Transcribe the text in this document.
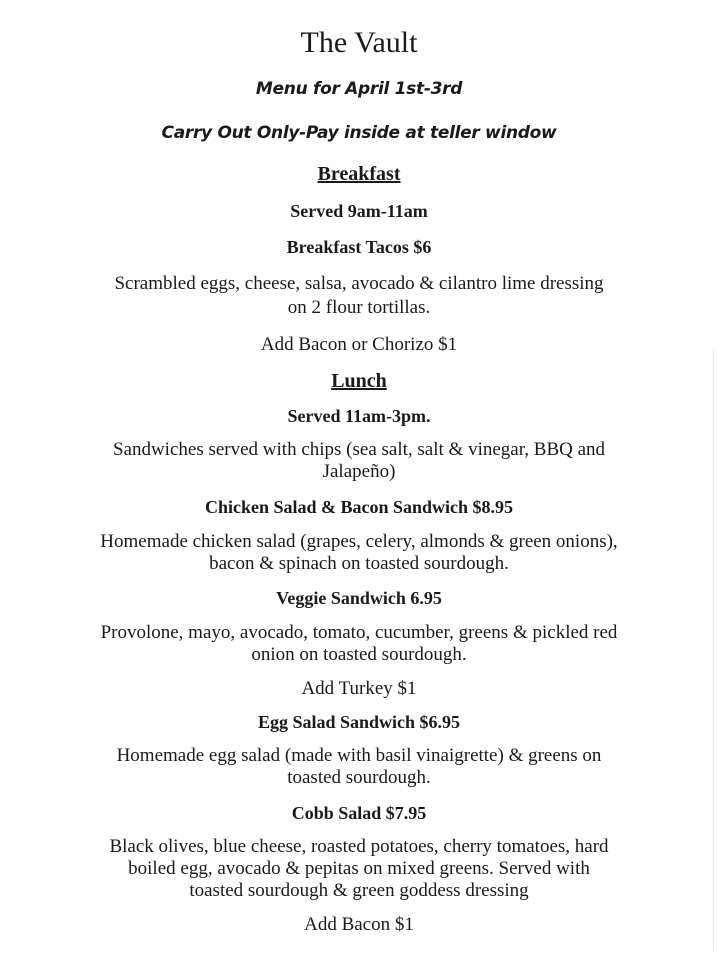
The Vault
Menu for April 1st-3rd
Carry Out Only-Pay inside at teller window
Breakfast
Served 9am-11am
Breakfast Tacos $6
Scrambled eggs, cheese, salsa, avocado & cilantro lime dressing
on 2 flour tortillas.
Add Bacon or Chorizo $1
Lunch
Served 11am-3pm.
Sandwiches served with chips (sea salt, salt & vinegar, BBQ and
Jalapeño)
Chicken Salad & Bacon Sandwich $8.95
Homemade chicken salad (grapes, celery, almonds & green onions),
bacon & spinach on toasted sourdough.
Veggie Sandwich 6.95
Provolone, mayo, avocado, tomato, cucumber, greens & pickled red
onion on toasted sourdough.
Add Turkey $1
Egg Salad Sandwich $6.95
Homemade egg salad (made with basil vinaigrette) & greens on
toasted sourdough.
Cobb Salad $7.95
Black olives, blue cheese, roasted potatoes, cherry tomatoes, hard
boiled egg, avocado & pepitas on mixed greens. Served with
toasted sourdough & green goddess dressing
Add Bacon $1
